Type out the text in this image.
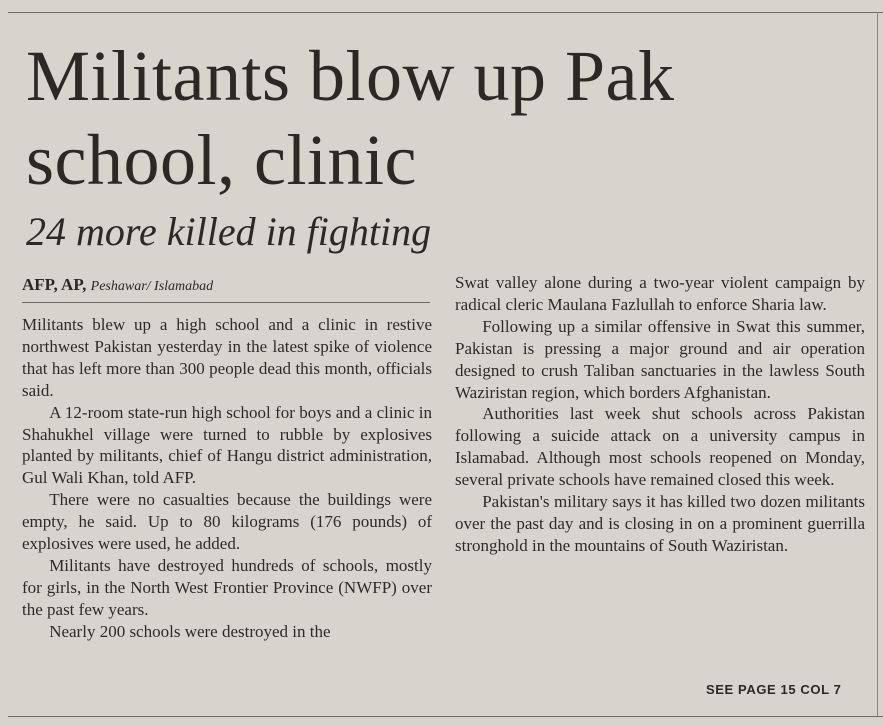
Militants blow up Pak school, clinic
24 more killed in fighting
AFP, AP, Peshawar/ Islamabad

Militants blew up a high school and a clinic in restive northwest Pakistan yesterday in the latest spike of violence that has left more than 300 people dead this month, officials said.

A 12-room state-run high school for boys and a clinic in Shahukhel village were turned to rubble by explosives planted by militants, chief of Hangu district administration, Gul Wali Khan, told AFP.

There were no casualties because the buildings were empty, he said. Up to 80 kilograms (176 pounds) of explosives were used, he added.

Militants have destroyed hundreds of schools, mostly for girls, in the North West Frontier Province (NWFP) over the past few years.

Nearly 200 schools were destroyed in the

Swat valley alone during a two-year violent campaign by radical cleric Maulana Fazlullah to enforce Sharia law.

Following up a similar offensive in Swat this summer, Pakistan is pressing a major ground and air operation designed to crush Taliban sanctuaries in the lawless South Waziristan region, which borders Afghanistan.

Authorities last week shut schools across Pakistan following a suicide attack on a university campus in Islamabad. Although most schools reopened on Monday, several private schools have remained closed this week.

Pakistan's military says it has killed two dozen militants over the past day and is closing in on a prominent guerrilla stronghold in the mountains of South Waziristan.

SEE PAGE 15 COL 7
